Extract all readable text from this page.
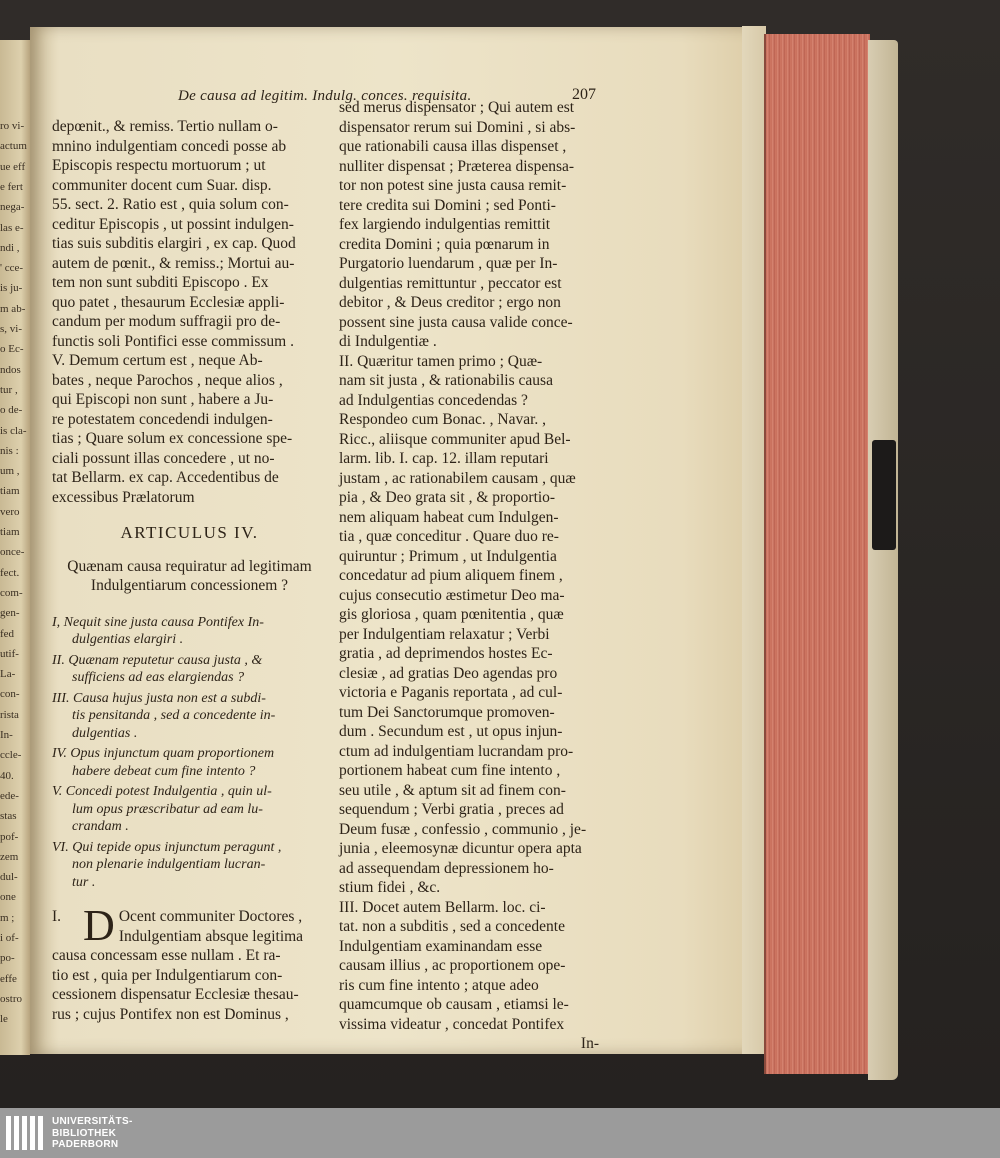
ro vi-
actum
ue eff
e fert
nega-
las e-
ndi ,
' cce-
is ju-
m ab-
s, vi-
o Ec-
ndos
tur ,
o de-
is cla-
nis :
um ,
tiam
vero
tiam
once-
fect.
com-
gen-
fed
utif-
La-
con-
rista
In-
ccle-
40.
ede-
stas
pof-
zem
dul-
one
m ;
i of-
po-
effe
ostro
le
De causa ad legitim. Indulg. conces. requisita.	207

depœnit., & remiss. Tertio nullam o-

mnino indulgentiam concedi posse ab

Episcopis respectu mortuorum ; ut

communiter docent cum Suar. disp.

55. sect. 2. Ratio est , quia solum con-

ceditur Episcopis , ut possint indulgen-

tias suis subditis elargiri , ex cap. Quod

autem de pœnit., & remiss.; Mortui au-

tem non sunt subditi Episcopo . Ex

quo patet , thesaurum Ecclesiæ appli-

candum per modum suffragii pro de-

functis soli Pontifici esse commissum .

V. Demum certum est , neque Ab-

bates , neque Parochos , neque alios ,

qui Episcopi non sunt , habere a Ju-

re potestatem concedendi indulgen-

tias ; Quare solum ex concessione spe-

ciali possunt illas concedere , ut no-

tat Bellarm. ex cap. Accedentibus de

excessibus Prælatorum

ARTICULUS IV.

Quænam causa requiratur ad legitimam

Indulgentiarum concessionem ?

I, Nequit sine justa causa Pontifex In-

dulgentias elargiri .

II. Quænam reputetur causa justa , &

sufficiens ad eas elargiendas ?

III. Causa hujus justa non est a subdi-

tis pensitanda , sed a concedente in-

dulgentias .

IV. Opus injunctum quam proportionem

habere debeat cum fine intento ?

V. Concedi potest Indulgentia , quin ul-

lum opus præscribatur ad eam lu-

crandam .

VI. Qui tepide opus injunctum peragunt ,

non plenarie indulgentiam lucran-

tur .

I. D Ocent communiter Doctores ,

Indulgentiam absque legitima

causa concessam esse nullam . Et ra-

tio est , quia per Indulgentiarum con-

cessionem dispensatur Ecclesiæ thesau-

rus ; cujus Pontifex non est Dominus ,

sed merus dispensator ; Qui autem est

dispensator rerum sui Domini , si abs-

que rationabili causa illas dispenset ,

nulliter dispensat ; Præterea dispensa-

tor non potest sine justa causa remit-

tere credita sui Domini ; sed Ponti-

fex largiendo indulgentias remittit

credita Domini ; quia pœnarum in

Purgatorio luendarum , quæ per In-

dulgentias remittuntur , peccator est

debitor , & Deus creditor ; ergo non

possent sine justa causa valide conce-

di Indulgentiæ .

II. Quæritur tamen primo ; Quæ-

nam sit justa , & rationabilis causa

ad Indulgentias concedendas ?

Respondeo cum Bonac. , Navar. ,

Ricc., aliisque communiter apud Bel-

larm. lib. I. cap. 12. illam reputari

justam , ac rationabilem causam , quæ

pia , & Deo grata sit , & proportio-

nem aliquam habeat cum Indulgen-

tia , quæ conceditur . Quare duo re-

quiruntur ; Primum , ut Indulgentia

concedatur ad pium aliquem finem ,

cujus consecutio æstimetur Deo ma-

gis gloriosa , quam pœnitentia , quæ

per Indulgentiam relaxatur ; Verbi

gratia , ad deprimendos hostes Ec-

clesiæ , ad gratias Deo agendas pro

victoria e Paganis reportata , ad cul-

tum Dei Sanctorumque promoven-

dum . Secundum est , ut opus injun-

ctum ad indulgentiam lucrandam pro-

portionem habeat cum fine intento ,

seu utile , & aptum sit ad finem con-

sequendum ; Verbi gratia , preces ad

Deum fusæ , confessio , communio , je-

junia , eleemosynæ dicuntur opera apta

ad assequendam depressionem ho-

stium fidei , &c.

III. Docet autem Bellarm. loc. ci-

tat. non a subditis , sed a concedente

Indulgentiam examinandam esse

causam illius , ac proportionem ope-

ris cum fine intento ; atque adeo

quamcumque ob causam , etiamsi le-

vissima videatur , concedat Pontifex

In-

UNIVERSITÄTS-
BIBLIOTHEK
PADERBORN
